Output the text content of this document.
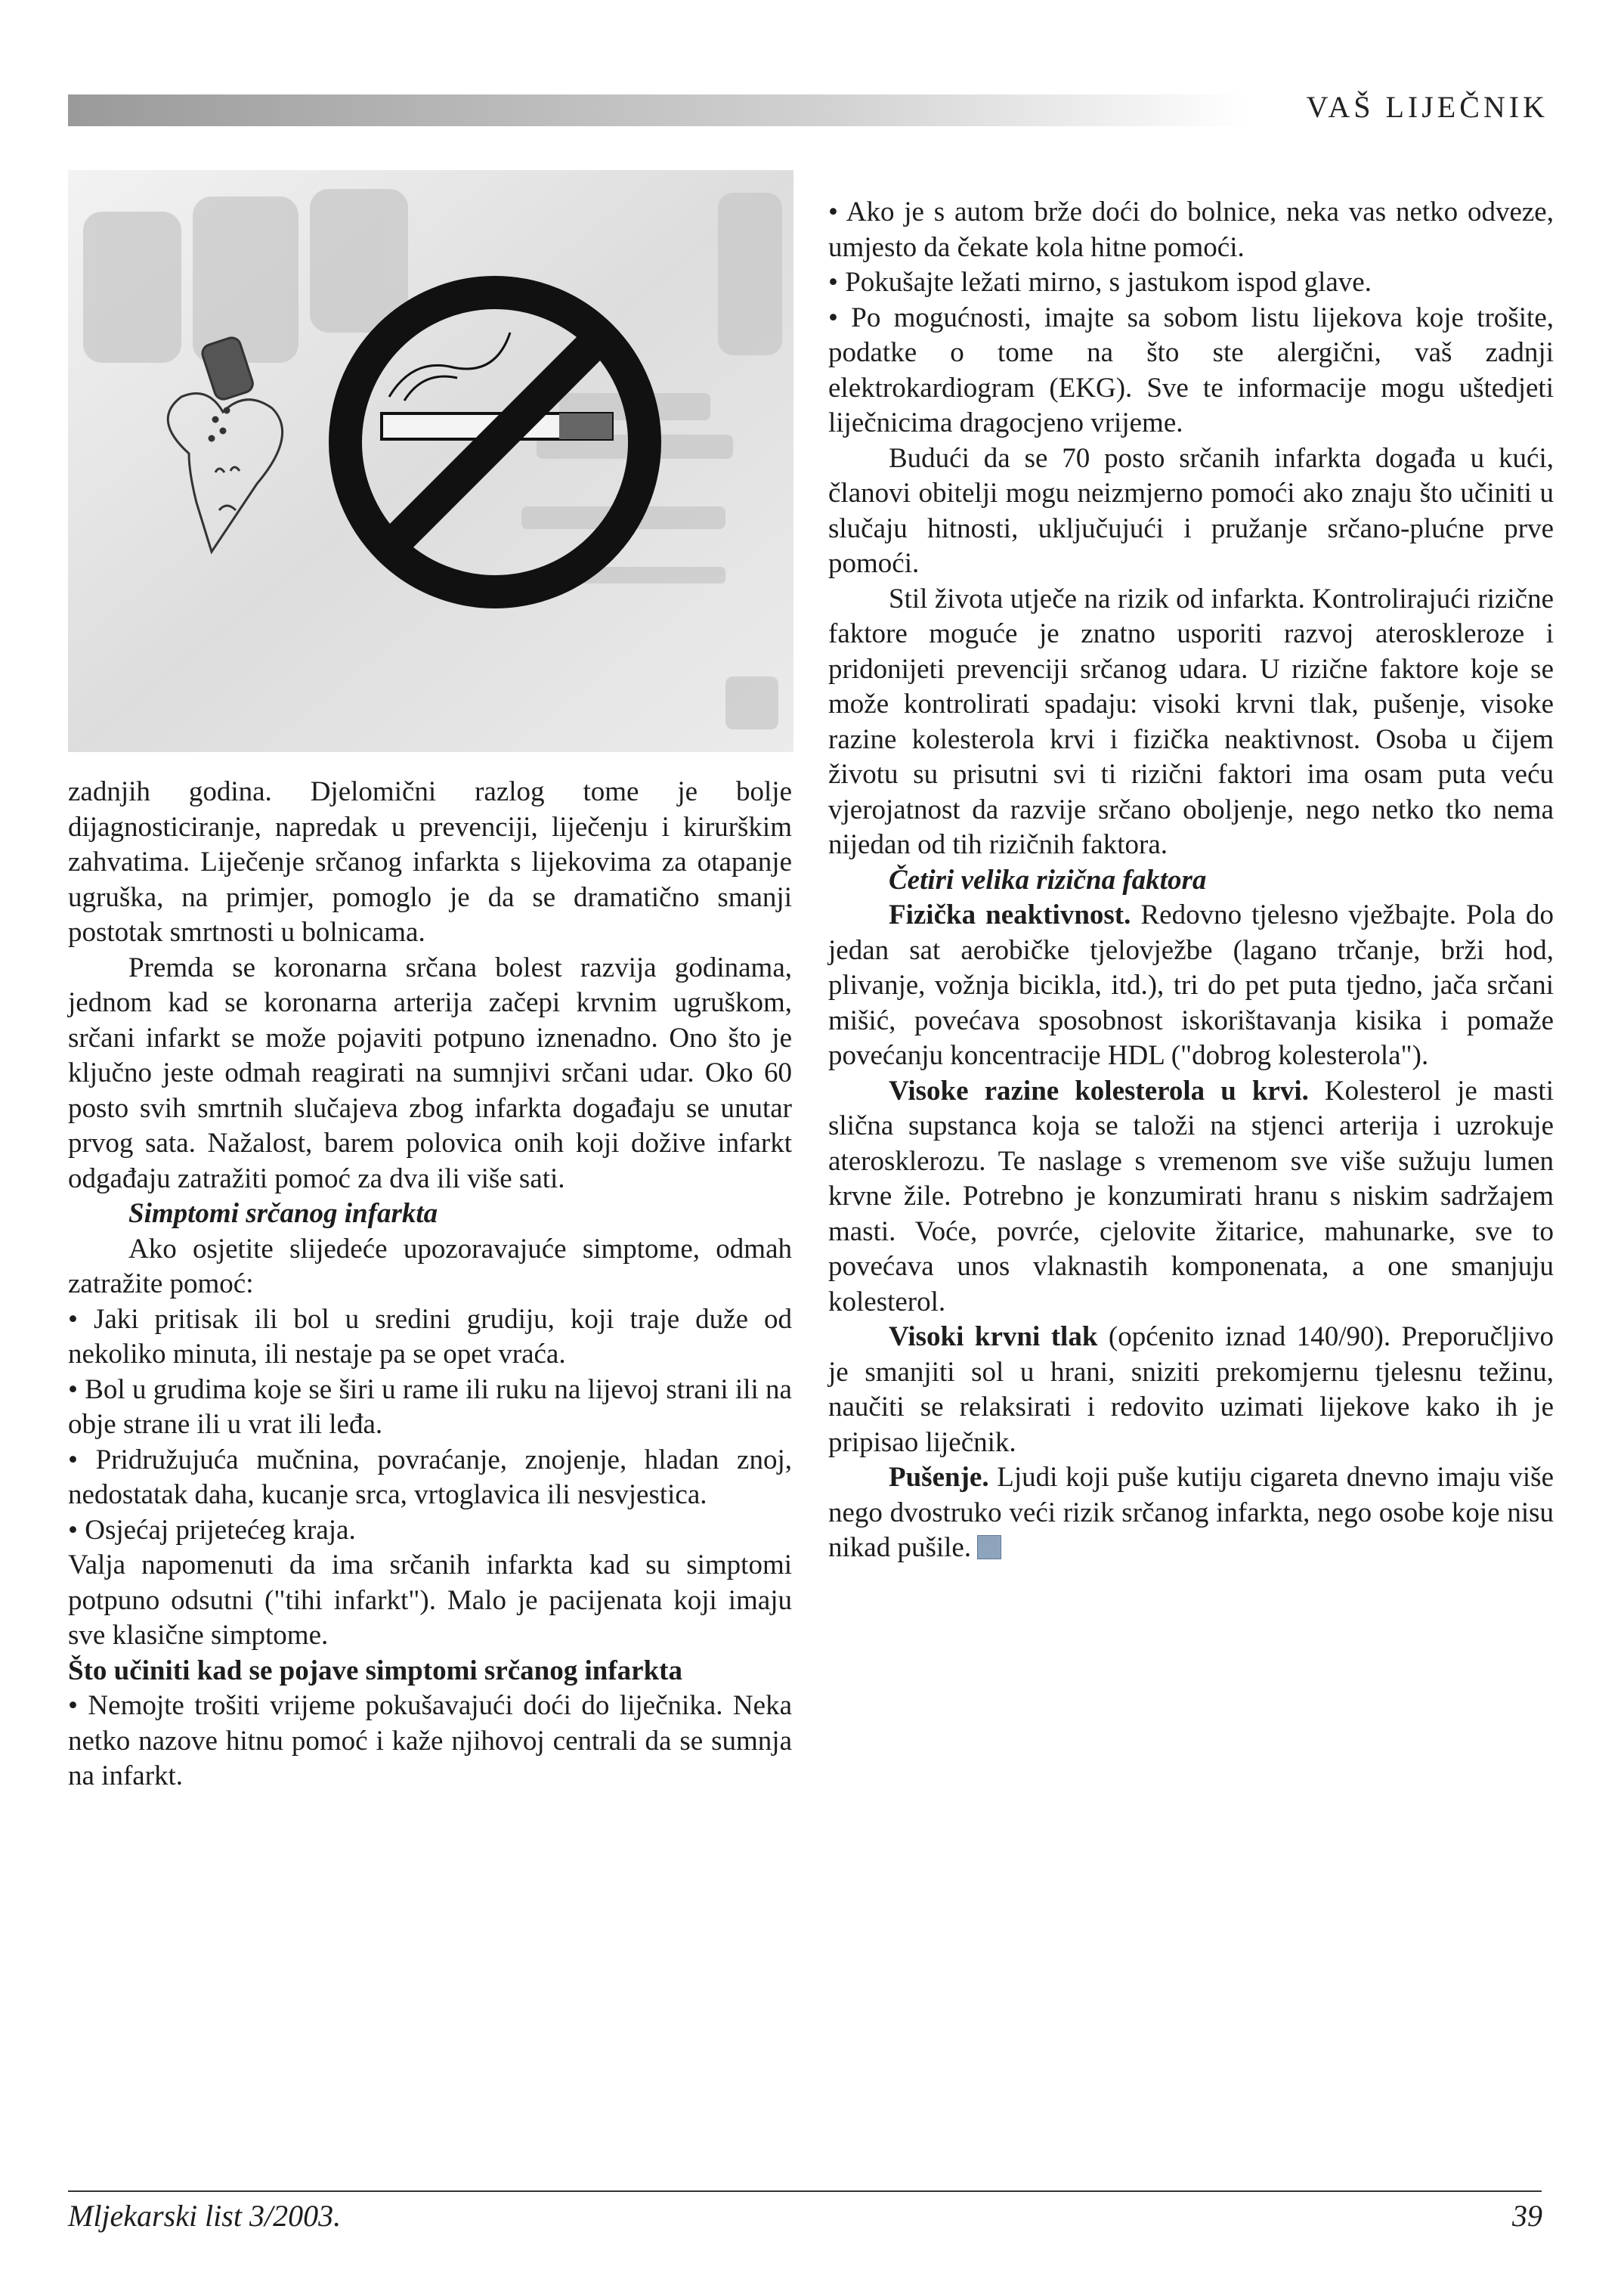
VAŠ LIJEČNIK

zadnjih godina. Djelomični razlog tome je bolje dijagnosticiranje, napredak u prevenciji, liječenju i kirurškim zahvatima. Liječenje srčanog infarkta s lijekovima za otapanje ugruška, na primjer, pomoglo je da se dramatično smanji postotak smrtnosti u bolnicama.

Premda se koronarna srčana bolest razvija godinama, jednom kad se koronarna arterija začepi krvnim ugruškom, srčani infarkt se može pojaviti potpuno iznenadno. Ono što je ključno jeste odmah reagirati na sumnjivi srčani udar. Oko 60 posto svih smrtnih slučajeva zbog infarkta događaju se unutar prvog sata. Nažalost, barem polovica onih koji dožive infarkt odgađaju zatražiti pomoć za dva ili više sati.

Simptomi srčanog infarkta

Ako osjetite slijedeće upozoravajuće simptome, odmah zatražite pomoć:

• Jaki pritisak ili bol u sredini grudiju, koji traje duže od nekoliko minuta, ili nestaje pa se opet vraća.

• Bol u grudima koje se širi u rame ili ruku na lijevoj strani ili na obje strane ili u vrat ili leđa.

• Pridružujuća mučnina, povraćanje, znojenje, hladan znoj, nedostatak daha, kucanje srca, vrtoglavica ili nesvjestica.

• Osjećaj prijetećeg kraja.

Valja napomenuti da ima srčanih infarkta kad su simptomi potpuno odsutni ("tihi infarkt"). Malo je pacijenata koji imaju sve klasične simptome.

Što učiniti kad se pojave simptomi srčanog infarkta

• Nemojte trošiti vrijeme pokušavajući doći do liječnika. Neka netko nazove hitnu pomoć i kaže njihovoj centrali da se sumnja na infarkt.

• Ako je s autom brže doći do bolnice, neka vas netko odveze, umjesto da čekate kola hitne pomoći.

• Pokušajte ležati mirno, s jastukom ispod glave.

• Po mogućnosti, imajte sa sobom listu lijekova koje trošite, podatke o tome na što ste alergični, vaš zadnji elektrokardiogram (EKG). Sve te informacije mogu uštedjeti liječnicima dragocjeno vrijeme.

Budući da se 70 posto srčanih infarkta događa u kući, članovi obitelji mogu neizmjerno pomoći ako znaju što učiniti u slučaju hitnosti, uključujući i pružanje srčano-plućne prve pomoći.

Stil života utječe na rizik od infarkta. Kontrolirajući rizične faktore moguće je znatno usporiti razvoj ateroskleroze i pridonijeti prevenciji srčanog udara. U rizične faktore koje se može kontrolirati spadaju: visoki krvni tlak, pušenje, visoke razine kolesterola krvi i fizička neaktivnost. Osoba u čijem životu su prisutni svi ti rizični faktori ima osam puta veću vjerojatnost da razvije srčano oboljenje, nego netko tko nema nijedan od tih rizičnih faktora.

Četiri velika rizična faktora

Fizička neaktivnost. Redovno tjelesno vježbajte. Pola do jedan sat aerobičke tjelovježbe (lagano trčanje, brži hod, plivanje, vožnja bicikla, itd.), tri do pet puta tjedno, jača srčani mišić, povećava sposobnost iskorištavanja kisika i pomaže povećanju koncentracije HDL ("dobrog kolesterola").

Visoke razine kolesterola u krvi. Kolesterol je masti slična supstanca koja se taloži na stjenci arterija i uzrokuje aterosklerozu. Te naslage s vremenom sve više sužuju lumen krvne žile. Potrebno je konzumirati hranu s niskim sadržajem masti. Voće, povrće, cjelovite žitarice, mahunarke, sve to povećava unos vlaknastih komponenata, a one smanjuju kolesterol.

Visoki krvni tlak (općenito iznad 140/90). Preporučljivo je smanjiti sol u hrani, sniziti prekomjernu tjelesnu težinu, naučiti se relaksirati i redovito uzimati lijekove kako ih je pripisao liječnik.

Pušenje. Ljudi koji puše kutiju cigareta dnevno imaju više nego dvostruko veći rizik srčanog infarkta, nego osobe koje nisu nikad pušile.

Mljekarski list 3/2003.	39
